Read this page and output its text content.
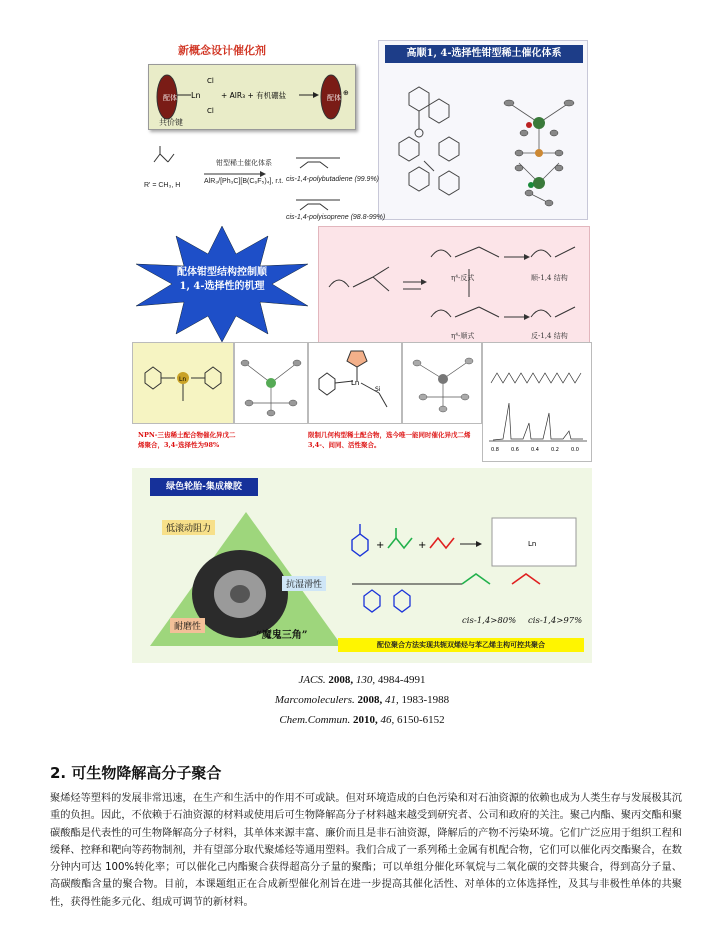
新概念设计催化剂
配体 Ln
Cl
Cl
+ AlR₃ + 有机硼盐	配体
⊕
共价键
高顺1, 4-选择性钳型稀土催化体系
钳型稀土催化体系
AlR₃/[Ph₃C][B(C₆F₅)₄], r.t.
R' = CH₃, H
cis-1,4-polybutadiene (99.9%)
cis-1,4-polyisoprene (98.8-99%)
配体钳型结构控制顺1, 4-选择性的机理
η⁴-反式
η⁴-顺式
顺-1,4 结构
反-1,4 结构
Ln	Ln
Si
0.8 0.6 0.4 0.2 0.0
NPN-三齿稀土配合物催化异戊二烯聚合，3,4-选择性为98%
限制几何构型稀土配合物，选今唯一能同时催化异戊二烯3,4-、间同、活性聚合。
绿色轮胎-集成橡胶
低滚动阻力
抗湿滑性
耐磨性
“魔鬼三角”
+	+	Ln
cis-1,4>80% cis-1,4>97%
配位聚合方法实现共轭双烯烃与苯乙烯主构可控共聚合
JACS. 2008, 130, 4984-4991
Marcomoleculers. 2008, 41, 1983-1988
Chem.Commun. 2010, 46, 6150-6152
2. 可生物降解高分子聚合
聚烯烃等塑料的发展非常迅速，在生产和生活中的作用不可或缺。但对环境造成的白色污染和对石油资源的依赖也成为人类生存与发展极其沉重的负担。因此，不依赖于石油资源的材料或使用后可生物降解高分子材料越来越受到研究者、公司和政府的关注。聚己内酯、聚丙交酯和聚碳酸酯是代表性的可生物降解高分子材料，其单体来源丰富、廉价而且是非石油资源，降解后的产物不污染环境。它们广泛应用于组织工程和缓释、控释和靶向等药物制剂，并有望部分取代聚烯烃等通用塑料。我们合成了一系列稀土金属有机配合物，它们可以催化丙交酯聚合，在数分钟内可达 100%转化率；可以催化己内酯聚合获得超高分子量的聚酯；可以单组分催化环氧烷与二氧化碳的交替共聚合，得到高分子量、高碳酸酯含量的聚合物。目前，本课题组正在合成新型催化剂旨在进一步提高其催化活性、对单体的立体选择性，及其与非极性单体的共聚性，获得性能多元化、组成可调节的新材料。
